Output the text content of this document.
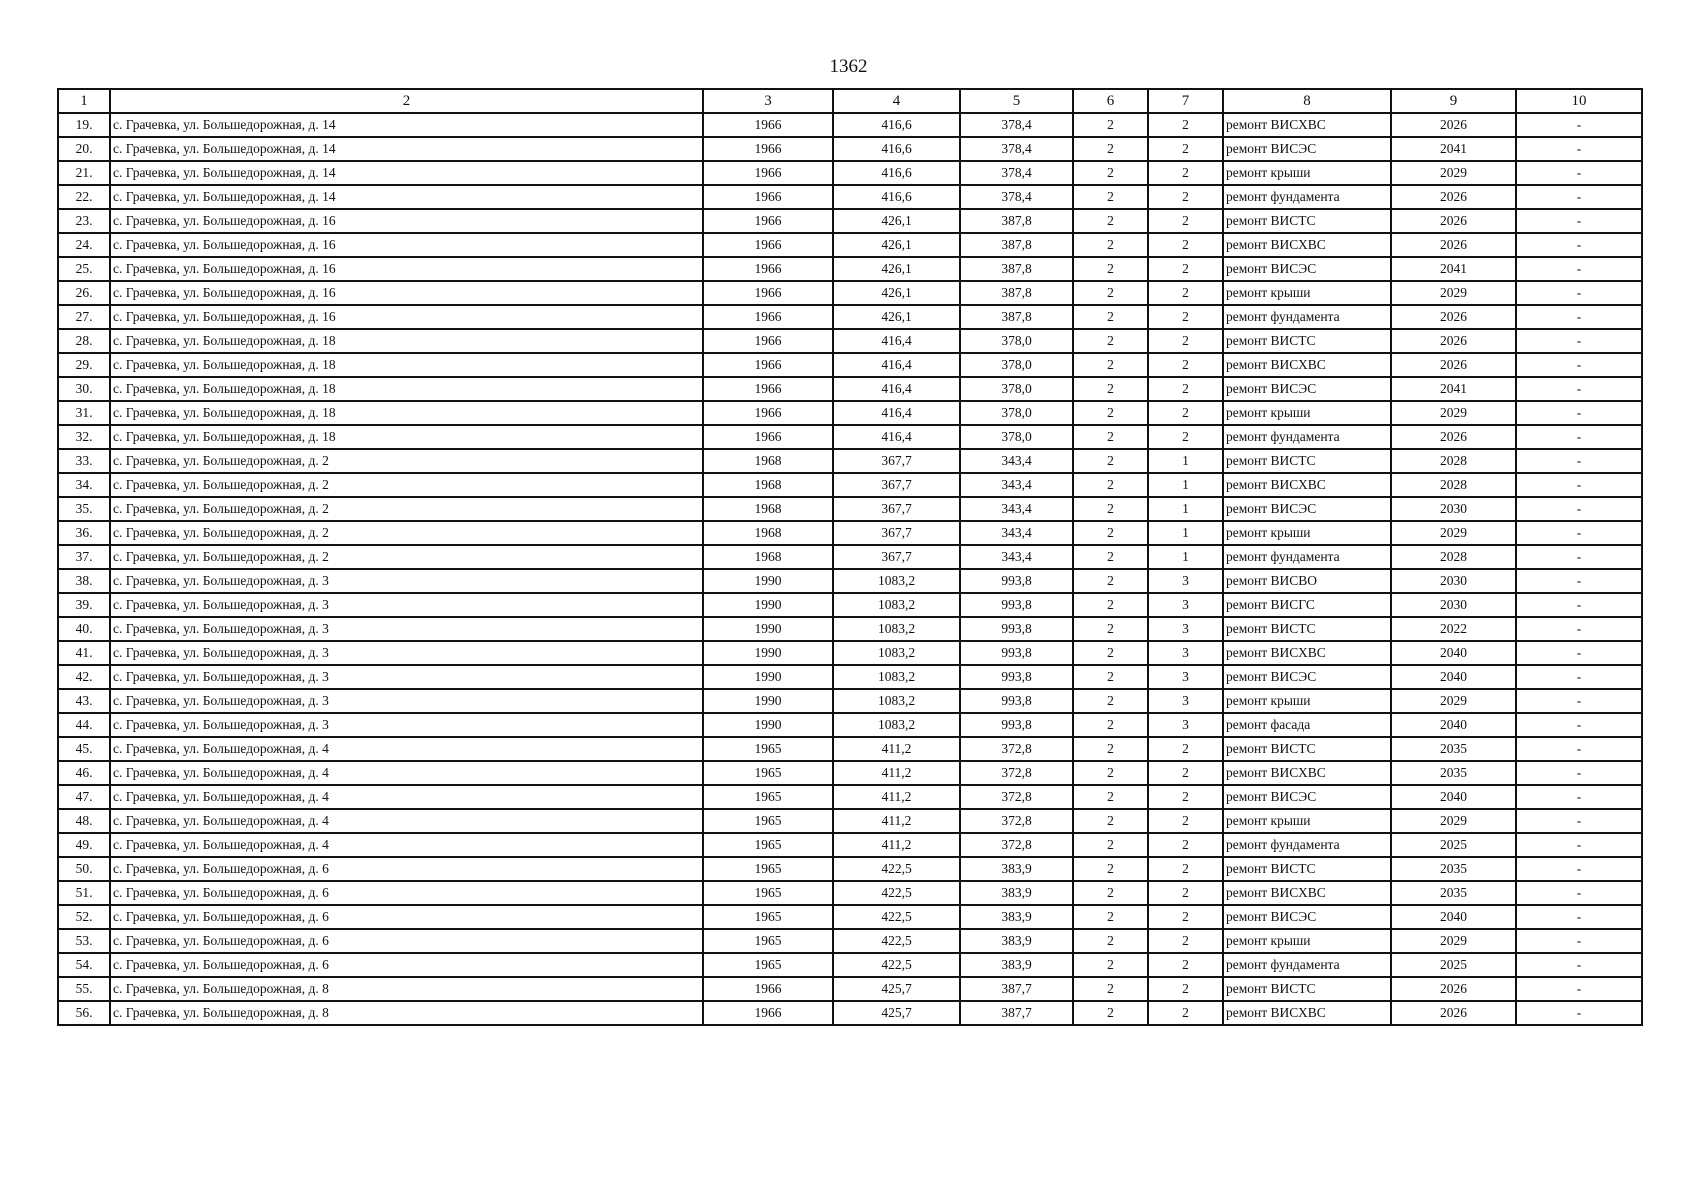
1362
1	2	3	4	5	6	7	8	9	10
19.	с. Грачевка, ул. Большедорожная, д. 14	1966	416,6	378,4	2	2	ремонт ВИСХВС	2026	-
20.	с. Грачевка, ул. Большедорожная, д. 14	1966	416,6	378,4	2	2	ремонт ВИСЭС	2041	-
21.	с. Грачевка, ул. Большедорожная, д. 14	1966	416,6	378,4	2	2	ремонт крыши	2029	-
22.	с. Грачевка, ул. Большедорожная, д. 14	1966	416,6	378,4	2	2	ремонт фундамента	2026	-
23.	с. Грачевка, ул. Большедорожная, д. 16	1966	426,1	387,8	2	2	ремонт ВИСТС	2026	-
24.	с. Грачевка, ул. Большедорожная, д. 16	1966	426,1	387,8	2	2	ремонт ВИСХВС	2026	-
25.	с. Грачевка, ул. Большедорожная, д. 16	1966	426,1	387,8	2	2	ремонт ВИСЭС	2041	-
26.	с. Грачевка, ул. Большедорожная, д. 16	1966	426,1	387,8	2	2	ремонт крыши	2029	-
27.	с. Грачевка, ул. Большедорожная, д. 16	1966	426,1	387,8	2	2	ремонт фундамента	2026	-
28.	с. Грачевка, ул. Большедорожная, д. 18	1966	416,4	378,0	2	2	ремонт ВИСТС	2026	-
29.	с. Грачевка, ул. Большедорожная, д. 18	1966	416,4	378,0	2	2	ремонт ВИСХВС	2026	-
30.	с. Грачевка, ул. Большедорожная, д. 18	1966	416,4	378,0	2	2	ремонт ВИСЭС	2041	-
31.	с. Грачевка, ул. Большедорожная, д. 18	1966	416,4	378,0	2	2	ремонт крыши	2029	-
32.	с. Грачевка, ул. Большедорожная, д. 18	1966	416,4	378,0	2	2	ремонт фундамента	2026	-
33.	с. Грачевка, ул. Большедорожная, д. 2	1968	367,7	343,4	2	1	ремонт ВИСТС	2028	-
34.	с. Грачевка, ул. Большедорожная, д. 2	1968	367,7	343,4	2	1	ремонт ВИСХВС	2028	-
35.	с. Грачевка, ул. Большедорожная, д. 2	1968	367,7	343,4	2	1	ремонт ВИСЭС	2030	-
36.	с. Грачевка, ул. Большедорожная, д. 2	1968	367,7	343,4	2	1	ремонт крыши	2029	-
37.	с. Грачевка, ул. Большедорожная, д. 2	1968	367,7	343,4	2	1	ремонт фундамента	2028	-
38.	с. Грачевка, ул. Большедорожная, д. 3	1990	1083,2	993,8	2	3	ремонт ВИСВО	2030	-
39.	с. Грачевка, ул. Большедорожная, д. 3	1990	1083,2	993,8	2	3	ремонт ВИСГС	2030	-
40.	с. Грачевка, ул. Большедорожная, д. 3	1990	1083,2	993,8	2	3	ремонт ВИСТС	2022	-
41.	с. Грачевка, ул. Большедорожная, д. 3	1990	1083,2	993,8	2	3	ремонт ВИСХВС	2040	-
42.	с. Грачевка, ул. Большедорожная, д. 3	1990	1083,2	993,8	2	3	ремонт ВИСЭС	2040	-
43.	с. Грачевка, ул. Большедорожная, д. 3	1990	1083,2	993,8	2	3	ремонт крыши	2029	-
44.	с. Грачевка, ул. Большедорожная, д. 3	1990	1083,2	993,8	2	3	ремонт фасада	2040	-
45.	с. Грачевка, ул. Большедорожная, д. 4	1965	411,2	372,8	2	2	ремонт ВИСТС	2035	-
46.	с. Грачевка, ул. Большедорожная, д. 4	1965	411,2	372,8	2	2	ремонт ВИСХВС	2035	-
47.	с. Грачевка, ул. Большедорожная, д. 4	1965	411,2	372,8	2	2	ремонт ВИСЭС	2040	-
48.	с. Грачевка, ул. Большедорожная, д. 4	1965	411,2	372,8	2	2	ремонт крыши	2029	-
49.	с. Грачевка, ул. Большедорожная, д. 4	1965	411,2	372,8	2	2	ремонт фундамента	2025	-
50.	с. Грачевка, ул. Большедорожная, д. 6	1965	422,5	383,9	2	2	ремонт ВИСТС	2035	-
51.	с. Грачевка, ул. Большедорожная, д. 6	1965	422,5	383,9	2	2	ремонт ВИСХВС	2035	-
52.	с. Грачевка, ул. Большедорожная, д. 6	1965	422,5	383,9	2	2	ремонт ВИСЭС	2040	-
53.	с. Грачевка, ул. Большедорожная, д. 6	1965	422,5	383,9	2	2	ремонт крыши	2029	-
54.	с. Грачевка, ул. Большедорожная, д. 6	1965	422,5	383,9	2	2	ремонт фундамента	2025	-
55.	с. Грачевка, ул. Большедорожная, д. 8	1966	425,7	387,7	2	2	ремонт ВИСТС	2026	-
56.	с. Грачевка, ул. Большедорожная, д. 8	1966	425,7	387,7	2	2	ремонт ВИСХВС	2026	-
